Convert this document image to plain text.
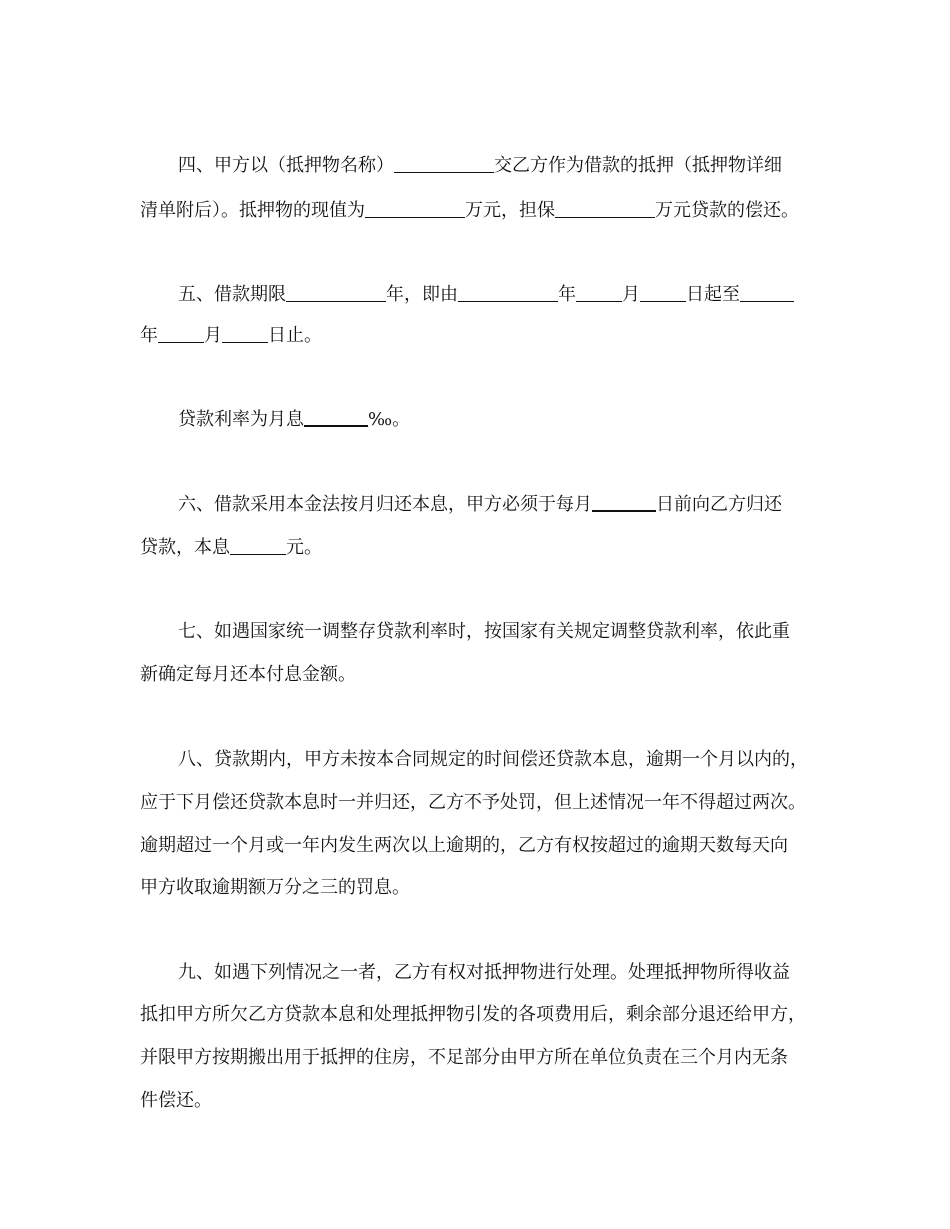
四、甲方以（抵押物名称）	交乙方作为借款的抵押（抵押物详细
清单附后）。抵押物的现值为	万元，担保	万元贷款的偿还。
五、借款期限	年，即由	年	月	日起至
年	月	日止。
贷款利率为月息	‰。
六、借款采用本金法按月归还本息，甲方必须于每月	日前向乙方归还
贷款，本息	元。
七、如遇国家统一调整存贷款利率时，按国家有关规定调整贷款利率，依此重
新确定每月还本付息金额。
八、贷款期内，甲方未按本合同规定的时间偿还贷款本息，逾期一个月以内的，
应于下月偿还贷款本息时一并归还，乙方不予处罚，但上述情况一年不得超过两次。
逾期超过一个月或一年内发生两次以上逾期的，乙方有权按超过的逾期天数每天向
甲方收取逾期额万分之三的罚息。
九、如遇下列情况之一者，乙方有权对抵押物进行处理。处理抵押物所得收益
抵扣甲方所欠乙方贷款本息和处理抵押物引发的各项费用后，剩余部分退还给甲方，
并限甲方按期搬出用于抵押的住房，不足部分由甲方所在单位负责在三个月内无条
件偿还。
